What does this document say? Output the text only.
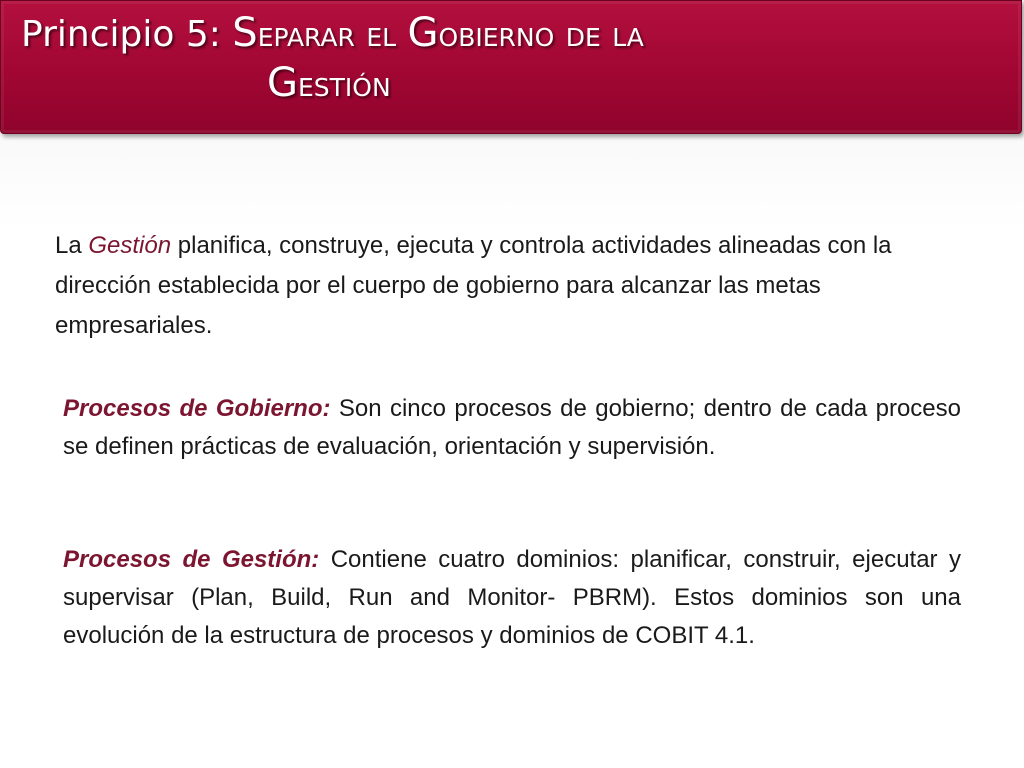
Principio 5: Separar el Gobierno de la
Gestión

La Gestión planifica, construye, ejecuta y controla actividades alineadas con la dirección establecida por el cuerpo de gobierno para alcanzar las metas empresariales.

Procesos de Gobierno: Son cinco procesos de gobierno; dentro de cada proceso se definen prácticas de evaluación, orientación y supervisión.

Procesos de Gestión: Contiene cuatro dominios: planificar, construir, ejecutar y supervisar (Plan, Build, Run and Monitor- PBRM). Estos dominios son una evolución de la estructura de procesos y dominios de COBIT 4.1.
